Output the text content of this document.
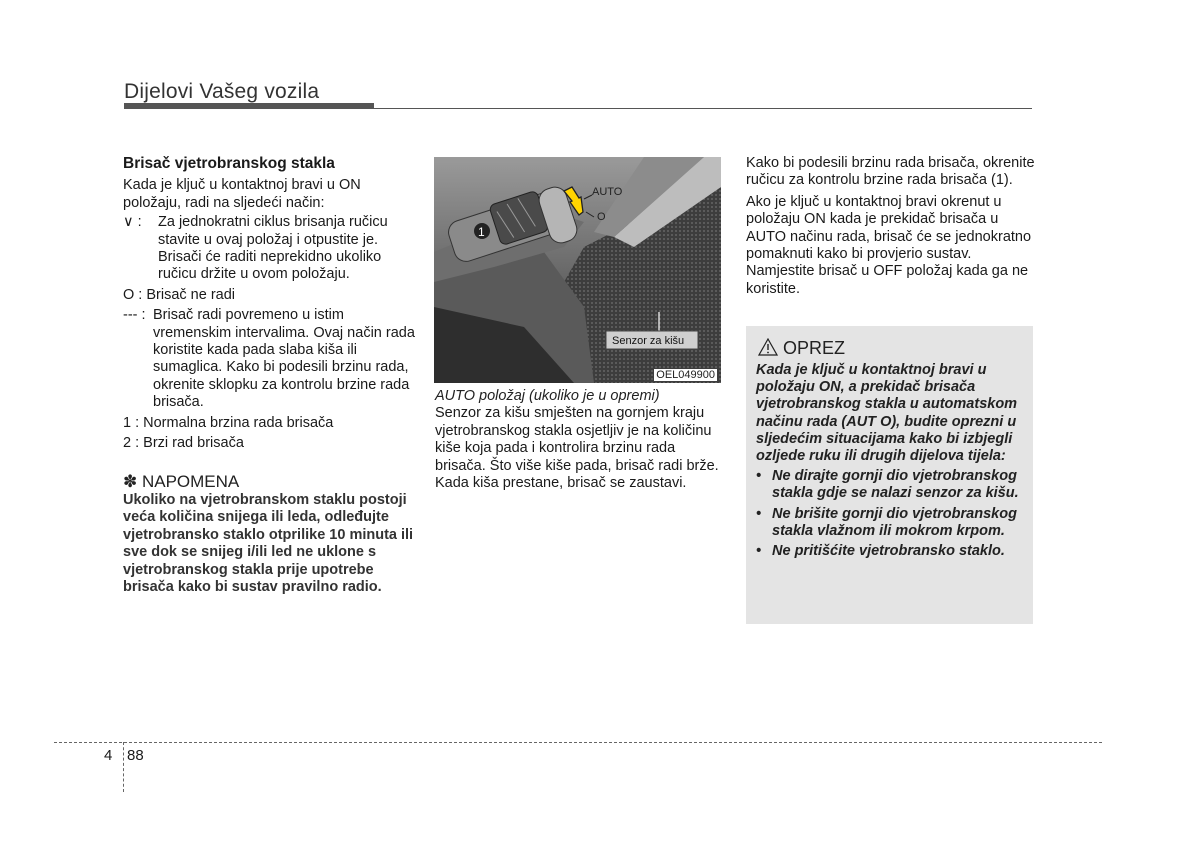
Dijelovi Vašeg vozila
Brisač vjetrobranskog stakla
Kada je ključ u kontaktnoj bravi u ON položaju, radi na sljedeći način:
∨ :	Za jednokratni ciklus brisanja ručicu stavite u ovaj položaj i otpustite je. Brisači će raditi neprekidno ukoliko ručicu držite u ovom položaju.
O : Brisač ne radi
--- : Brisač radi povremeno u istim vremenskim intervalima. Ovaj način rada koristite kada pada slaba kiša ili sumaglica. Kako bi podesili brzinu rada, okrenite sklopku za kontrolu brzine rada brisača.
1 : Normalna brzina rada brisača
2 : Brzi rad brisača
✽ NAPOMENA
Ukoliko na vjetrobranskom staklu postoji veća količina snijega ili leda, odleđujte vjetrobransko staklo otprilike 10 minuta ili sve dok se snijeg i/ili led ne uklone s vjetrobranskog stakla prije upotrebe brisača kako bi sustav pravilno radio.
1
AUTO
O
Senzor za kišu
OEL049900
AUTO položaj (ukoliko je u opremi)
Senzor za kišu smješten na gornjem kraju vjetrobranskog stakla osjetljiv je na količinu kiše koja pada i kontrolira brzinu rada brisača. Što više kiše pada, brisač radi brže. Kada kiša prestane, brisač se zaustavi.
Kako bi podesili brzinu rada brisača, okrenite ručicu za kontrolu brzine rada brisača (1).
Ako je ključ u kontaktnoj bravi okrenut u položaju ON kada je prekidač brisača u AUTO načinu rada, brisač će se jednokratno pomaknuti kako bi provjerio sustav. Namjestite brisač u OFF položaj kada ga ne koristite.
OPREZ
Kada je ključ u kontaktnoj bravi u položaju ON, a prekidač brisača vjetrobranskog stakla u automatskom načinu rada (AUT O), budite oprezni u sljedećim situacijama kako bi izbjegli ozljede ruku ili drugih dijelova tijela:
• Ne dirajte gornji dio vjetrobranskog stakla gdje se nalazi senzor za kišu.
• Ne brišite gornji dio vjetrobranskog stakla vlažnom ili mokrom krpom.
• Ne pritišćite vjetrobransko staklo.
4 88
